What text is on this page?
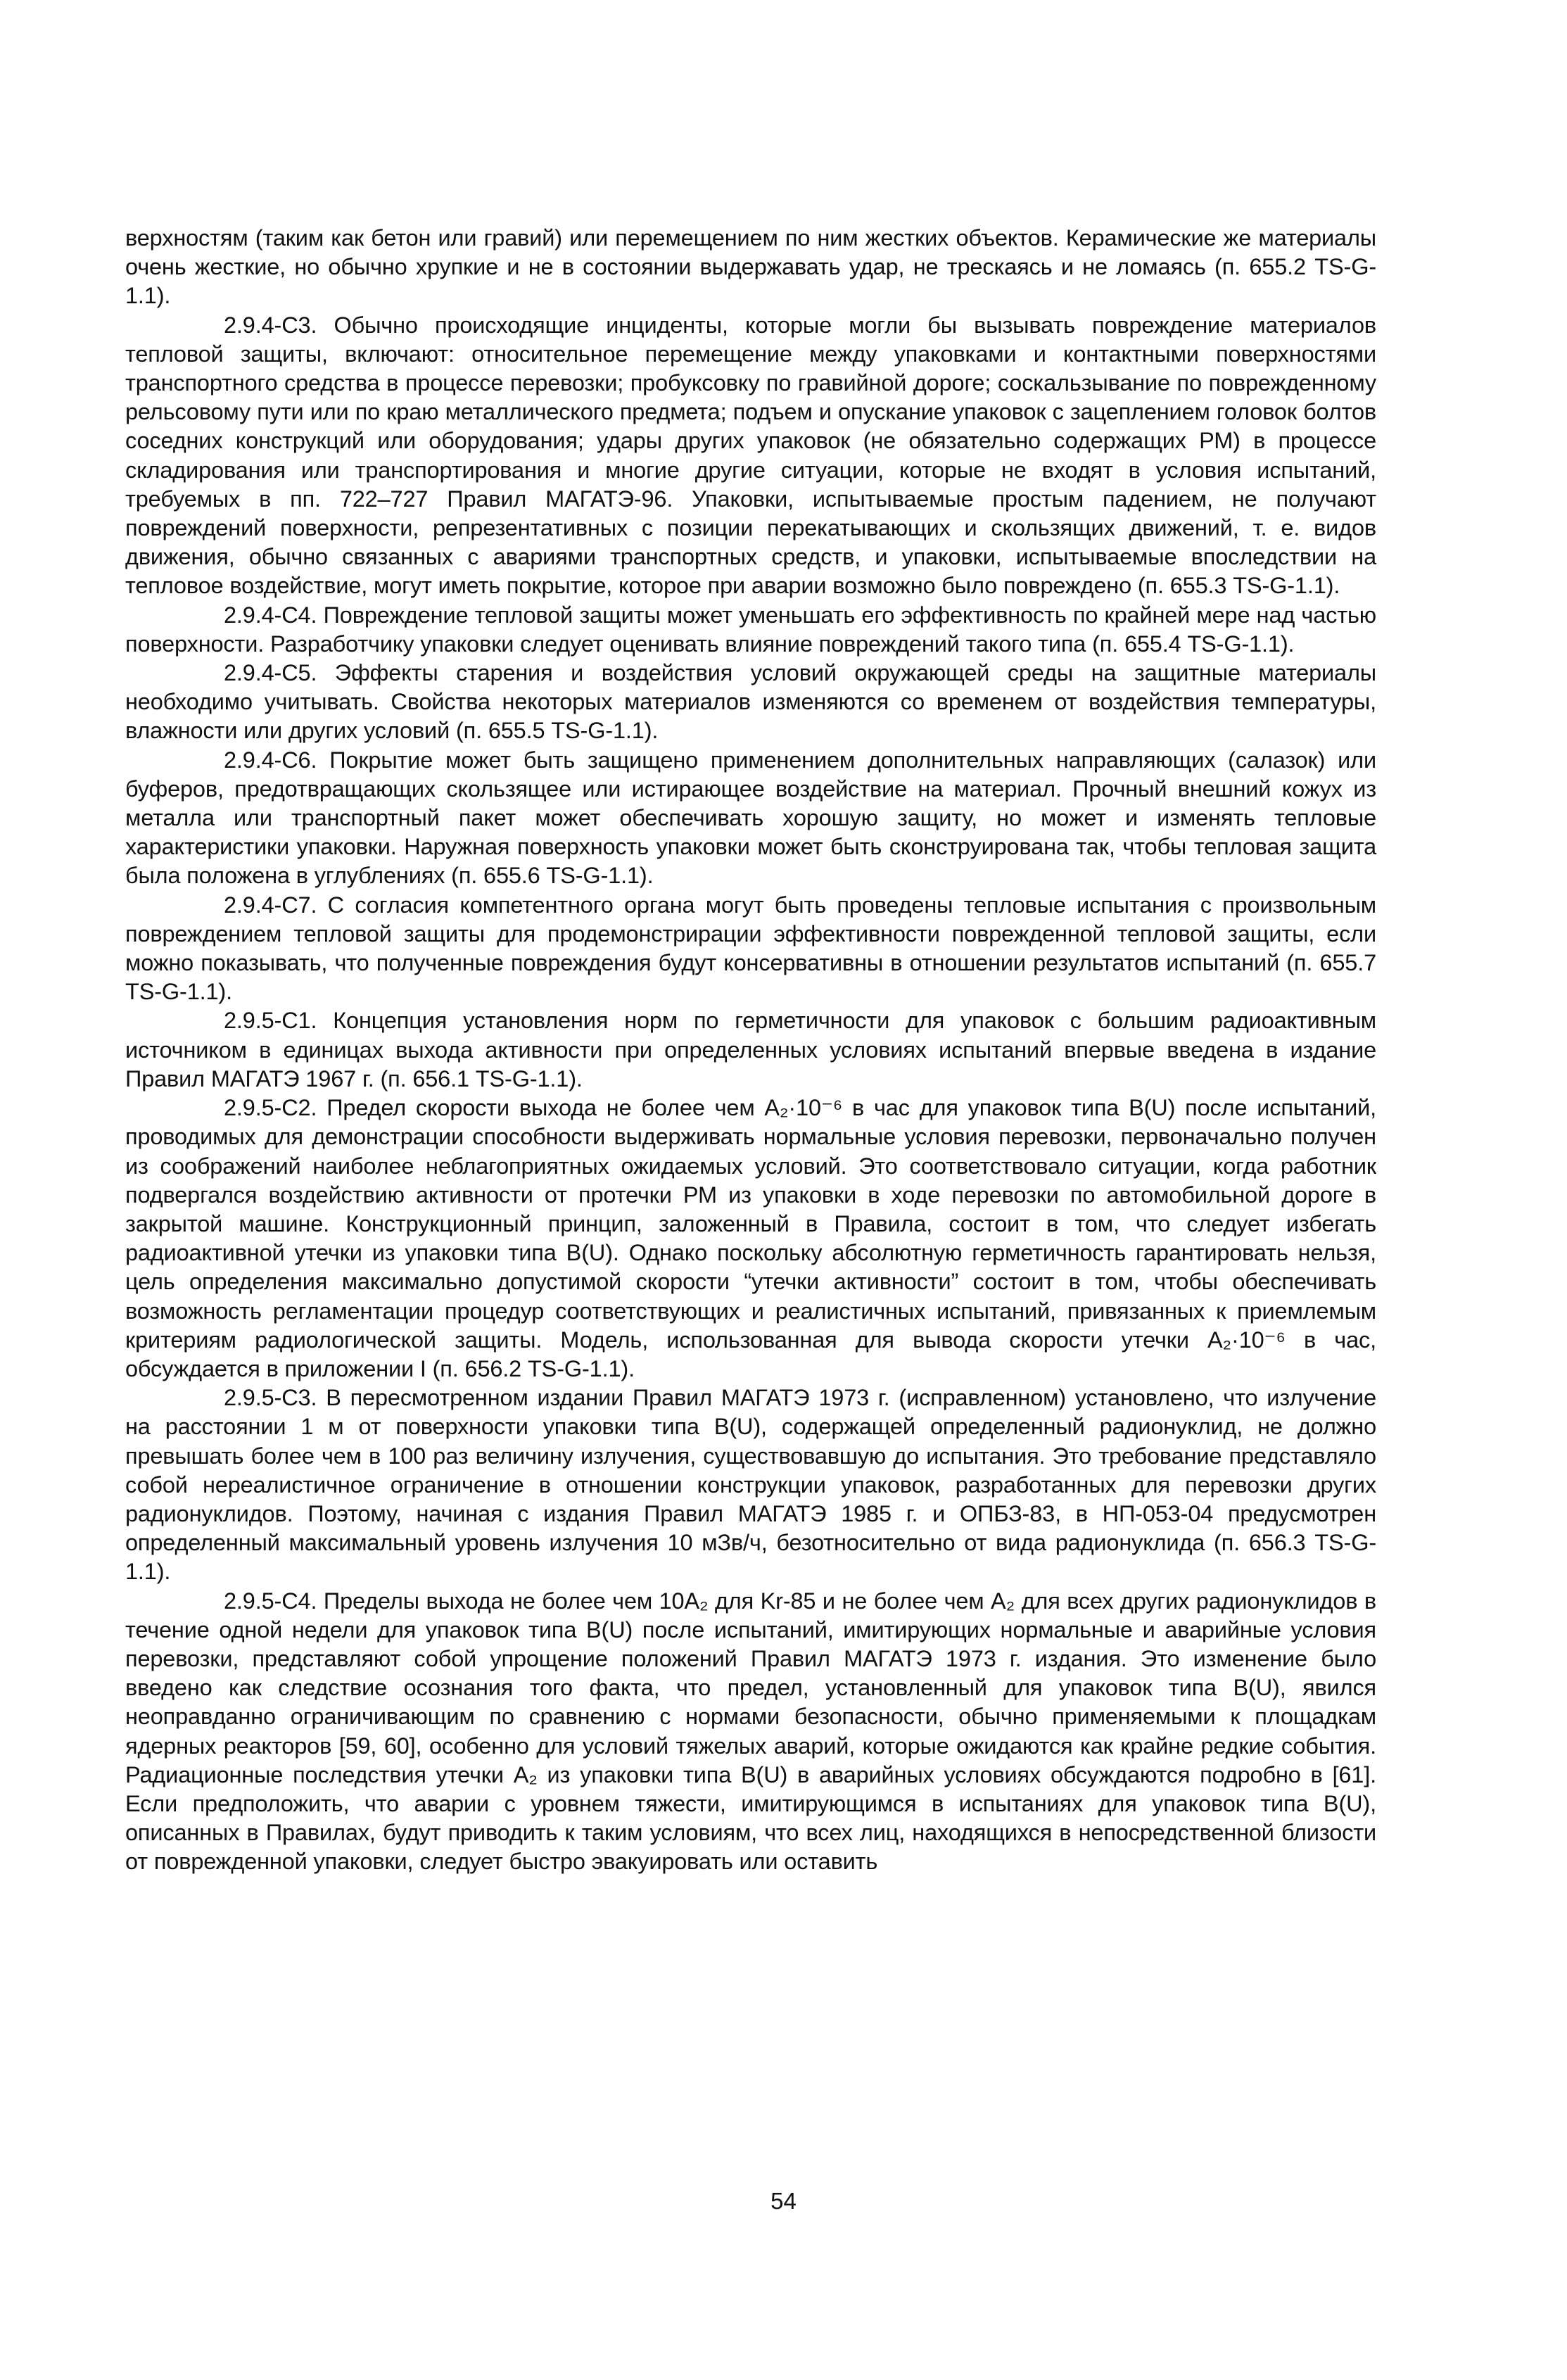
верхностям (таким как бетон или гравий) или перемещением по ним жестких объектов. Керамические же материалы очень жесткие, но обычно хрупкие и не в состоянии выдержавать удар, не трескаясь и не ломаясь (п. 655.2 TS-G-1.1).

2.9.4-С3. Обычно происходящие инциденты, которые могли бы вызывать повреждение материалов тепловой защиты, включают: относительное перемещение между упаковками и контактными поверхностями транспортного средства в процессе перевозки; пробуксовку по гравийной дороге; соскальзывание по поврежденному рельсовому пути или по краю металлического предмета; подъем и опускание упаковок с зацеплением головок болтов соседних конструкций или оборудования; удары других упаковок (не обязательно содержащих РМ) в процессе складирования или транспортирования и многие другие ситуации, которые не входят в условия испытаний, требуемых в пп. 722–727 Правил МАГАТЭ-96. Упаковки, испытываемые простым падением, не получают повреждений поверхности, репрезентативных с позиции перекатывающих и скользящих движений, т. е. видов движения, обычно связанных с авариями транспортных средств, и упаковки, испытываемые впоследствии на тепловое воздействие, могут иметь покрытие, которое при аварии возможно было повреждено (п. 655.3 TS-G-1.1).

2.9.4-С4. Повреждение тепловой защиты может уменьшать его эффективность по крайней мере над частью поверхности. Разработчику упаковки следует оценивать влияние повреждений такого типа (п. 655.4 TS-G-1.1).

2.9.4-С5. Эффекты старения и воздействия условий окружающей среды на защитные материалы необходимо учитывать. Свойства некоторых материалов изменяются со временем от воздействия температуры, влажности или других условий (п. 655.5 TS-G-1.1).

2.9.4-С6. Покрытие может быть защищено применением дополнительных направляющих (салазок) или буферов, предотвращающих скользящее или истирающее воздействие на материал. Прочный внешний кожух из металла или транспортный пакет может обеспечивать хорошую защиту, но может и изменять тепловые характеристики упаковки. Наружная поверхность упаковки может быть сконструирована так, чтобы тепловая защита была положена в углублениях (п. 655.6 TS-G-1.1).

2.9.4-С7. С согласия компетентного органа могут быть проведены тепловые испытания с произвольным повреждением тепловой защиты для продемонстрирации эффективности поврежденной тепловой защиты, если можно показывать, что полученные повреждения будут консервативны в отношении результатов испытаний (п. 655.7 TS-G-1.1).

2.9.5-С1. Концепция установления норм по герметичности для упаковок с большим радиоактивным источником в единицах выхода активности при определенных условиях испытаний впервые введена в издание Правил МАГАТЭ 1967 г. (п. 656.1 TS-G-1.1).

2.9.5-С2. Предел скорости выхода не более чем A₂·10⁻⁶ в час для упаковок типа B(U) после испытаний, проводимых для демонстрации способности выдерживать нормальные условия перевозки, первоначально получен из соображений наиболее неблагоприятных ожидаемых условий. Это соответствовало ситуации, когда работник подвергался воздействию активности от протечки РМ из упаковки в ходе перевозки по автомобильной дороге в закрытой машине. Конструкционный принцип, заложенный в Правила, состоит в том, что следует избегать радиоактивной утечки из упаковки типа B(U). Однако поскольку абсолютную герметичность гарантировать нельзя, цель определения максимально допустимой скорости “утечки активности” состоит в том, чтобы обеспечивать возможность регламентации процедур соответствующих и реалистичных испытаний, привязанных к приемлемым критериям радиологической защиты. Модель, использованная для вывода скорости утечки A₂·10⁻⁶ в час, обсуждается в приложении I (п. 656.2 TS-G-1.1).

2.9.5-С3. В пересмотренном издании Правил МАГАТЭ 1973 г. (исправленном) установлено, что излучение на расстоянии 1 м от поверхности упаковки типа B(U), содержащей определенный радионуклид, не должно превышать более чем в 100 раз величину излучения, существовавшую до испытания. Это требование представляло собой нереалистичное ограничение в отношении конструкции упаковок, разработанных для перевозки других радионуклидов. Поэтому, начиная с издания Правил МАГАТЭ 1985 г. и ОПБЗ-83, в НП-053-04 предусмотрен определенный максимальный уровень излучения 10 мЗв/ч, безотносительно от вида радионуклида (п. 656.3 TS-G-1.1).

2.9.5-С4. Пределы выхода не более чем 10A₂ для Kr-85 и не более чем A₂ для всех других радионуклидов в течение одной недели для упаковок типа B(U) после испытаний, имитирующих нормальные и аварийные условия перевозки, представляют собой упрощение положений Правил МАГАТЭ 1973 г. издания. Это изменение было введено как следствие осознания того факта, что предел, установленный для упаковок типа B(U), явился неоправданно ограничивающим по сравнению с нормами безопасности, обычно применяемыми к площадкам ядерных реакторов [59, 60], особенно для условий тяжелых аварий, которые ожидаются как крайне редкие события. Радиационные последствия утечки A₂ из упаковки типа B(U) в аварийных условиях обсуждаются подробно в [61]. Если предположить, что аварии с уровнем тяжести, имитирующимся в испытаниях для упаковок типа B(U), описанных в Правилах, будут приводить к таким условиям, что всех лиц, находящихся в непосредственной близости от поврежденной упаковки, следует быстро эвакуировать или оставить

54
